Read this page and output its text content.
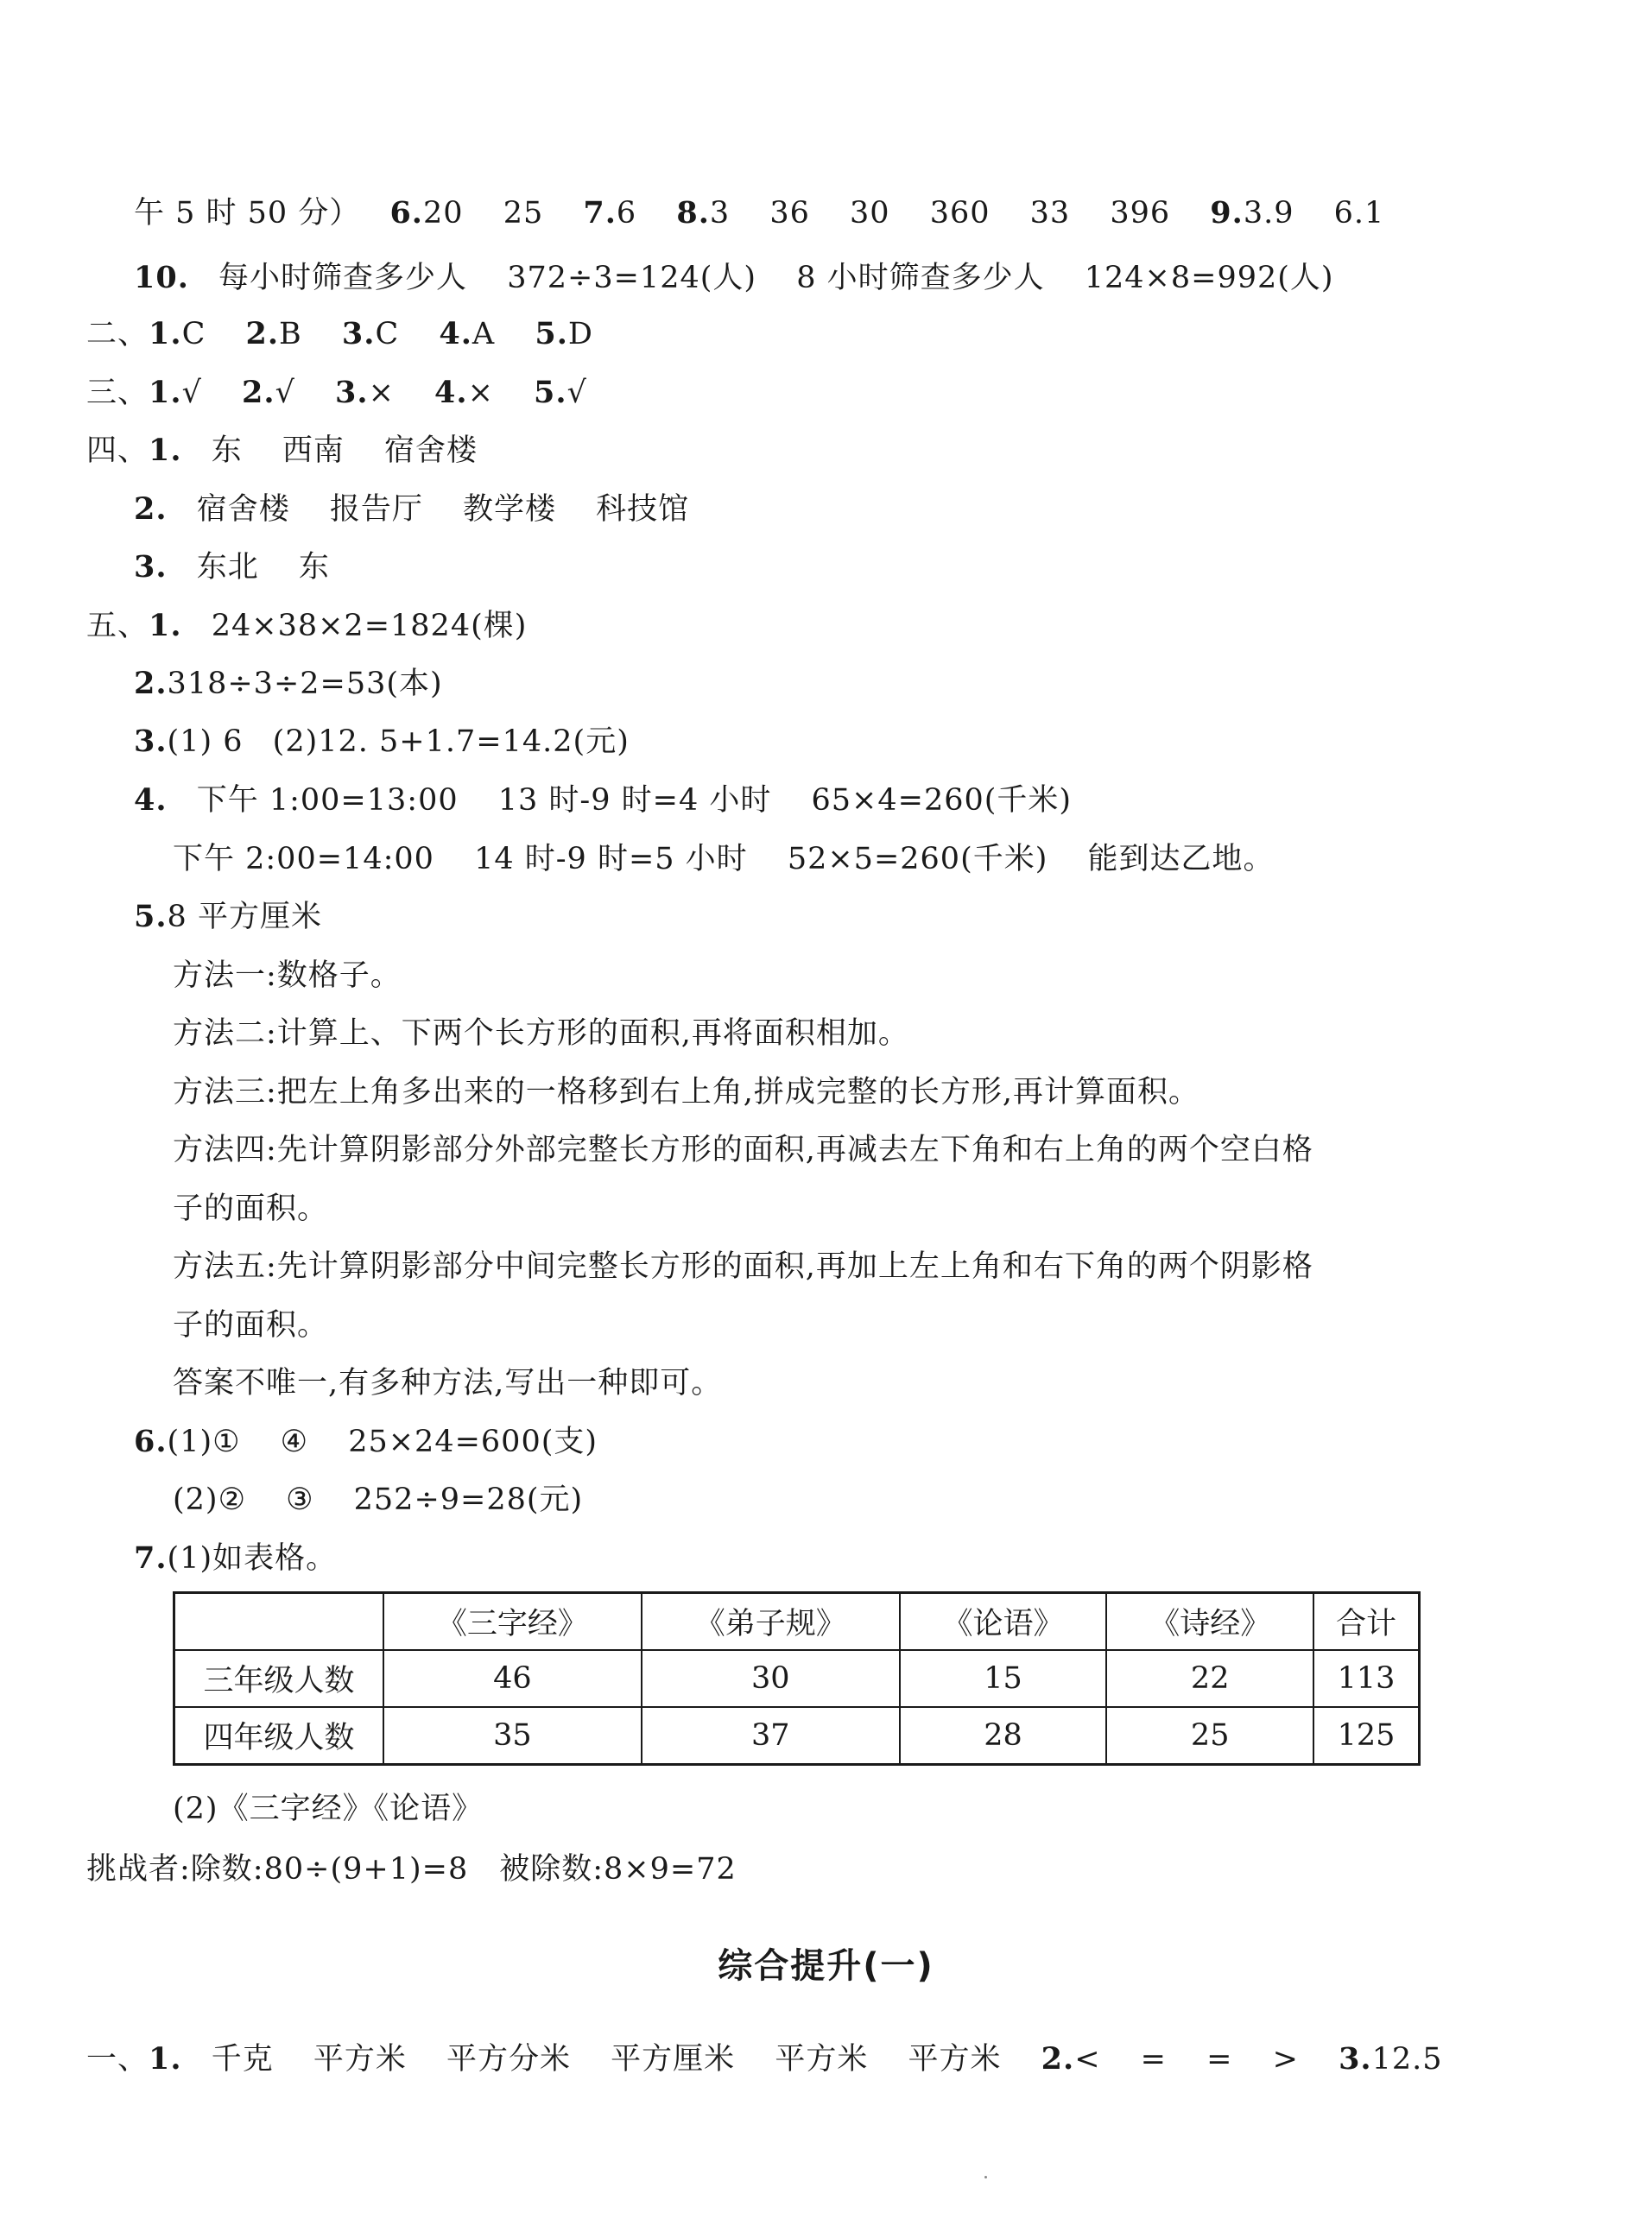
午 5 时 50 分） 6.20 25 7.6 8.3 36 30 360 33 396 9.3.9 6.1
10. 每小时筛查多少人 372÷3=124(人) 8 小时筛查多少人 124×8=992(人)
二、1.C 2.B 3.C 4.A 5.D
三、1.√ 2.√ 3.× 4.× 5.√
四、1. 东 西南 宿舍楼
2. 宿舍楼 报告厅 教学楼 科技馆
3. 东北 东
五、1. 24×38×2=1824(棵)
2.318÷3÷2=53(本)
3.(1) 6 (2)12. 5+1.7=14.2(元)
4. 下午 1:00=13:00 13 时-9 时=4 小时 65×4=260(千米)
下午 2:00=14:00 14 时-9 时=5 小时 52×5=260(千米) 能到达乙地。
5.8 平方厘米
方法一:数格子。
方法二:计算上、下两个长方形的面积,再将面积相加。
方法三:把左上角多出来的一格移到右上角,拼成完整的长方形,再计算面积。
方法四:先计算阴影部分外部完整长方形的面积,再减去左下角和右上角的两个空白格
子的面积。
方法五:先计算阴影部分中间完整长方形的面积,再加上左上角和右下角的两个阴影格
子的面积。
答案不唯一,有多种方法,写出一种即可。
6.(1)① ④ 25×24=600(支)
(2)② ③ 252÷9=28(元)
7.(1)如表格。
	《三字经》	《弟子规》	《论语》	《诗经》	合计
三年级人数	46	30	15	22	113
四年级人数	35	37	28	25	125
(2)《三字经》《论语》
挑战者:除数:80÷(9+1)=8　被除数:8×9=72
综合提升(一)
一、1. 千克 平方米 平方分米 平方厘米 平方米 平方米 2.< = = > 3.12.5
